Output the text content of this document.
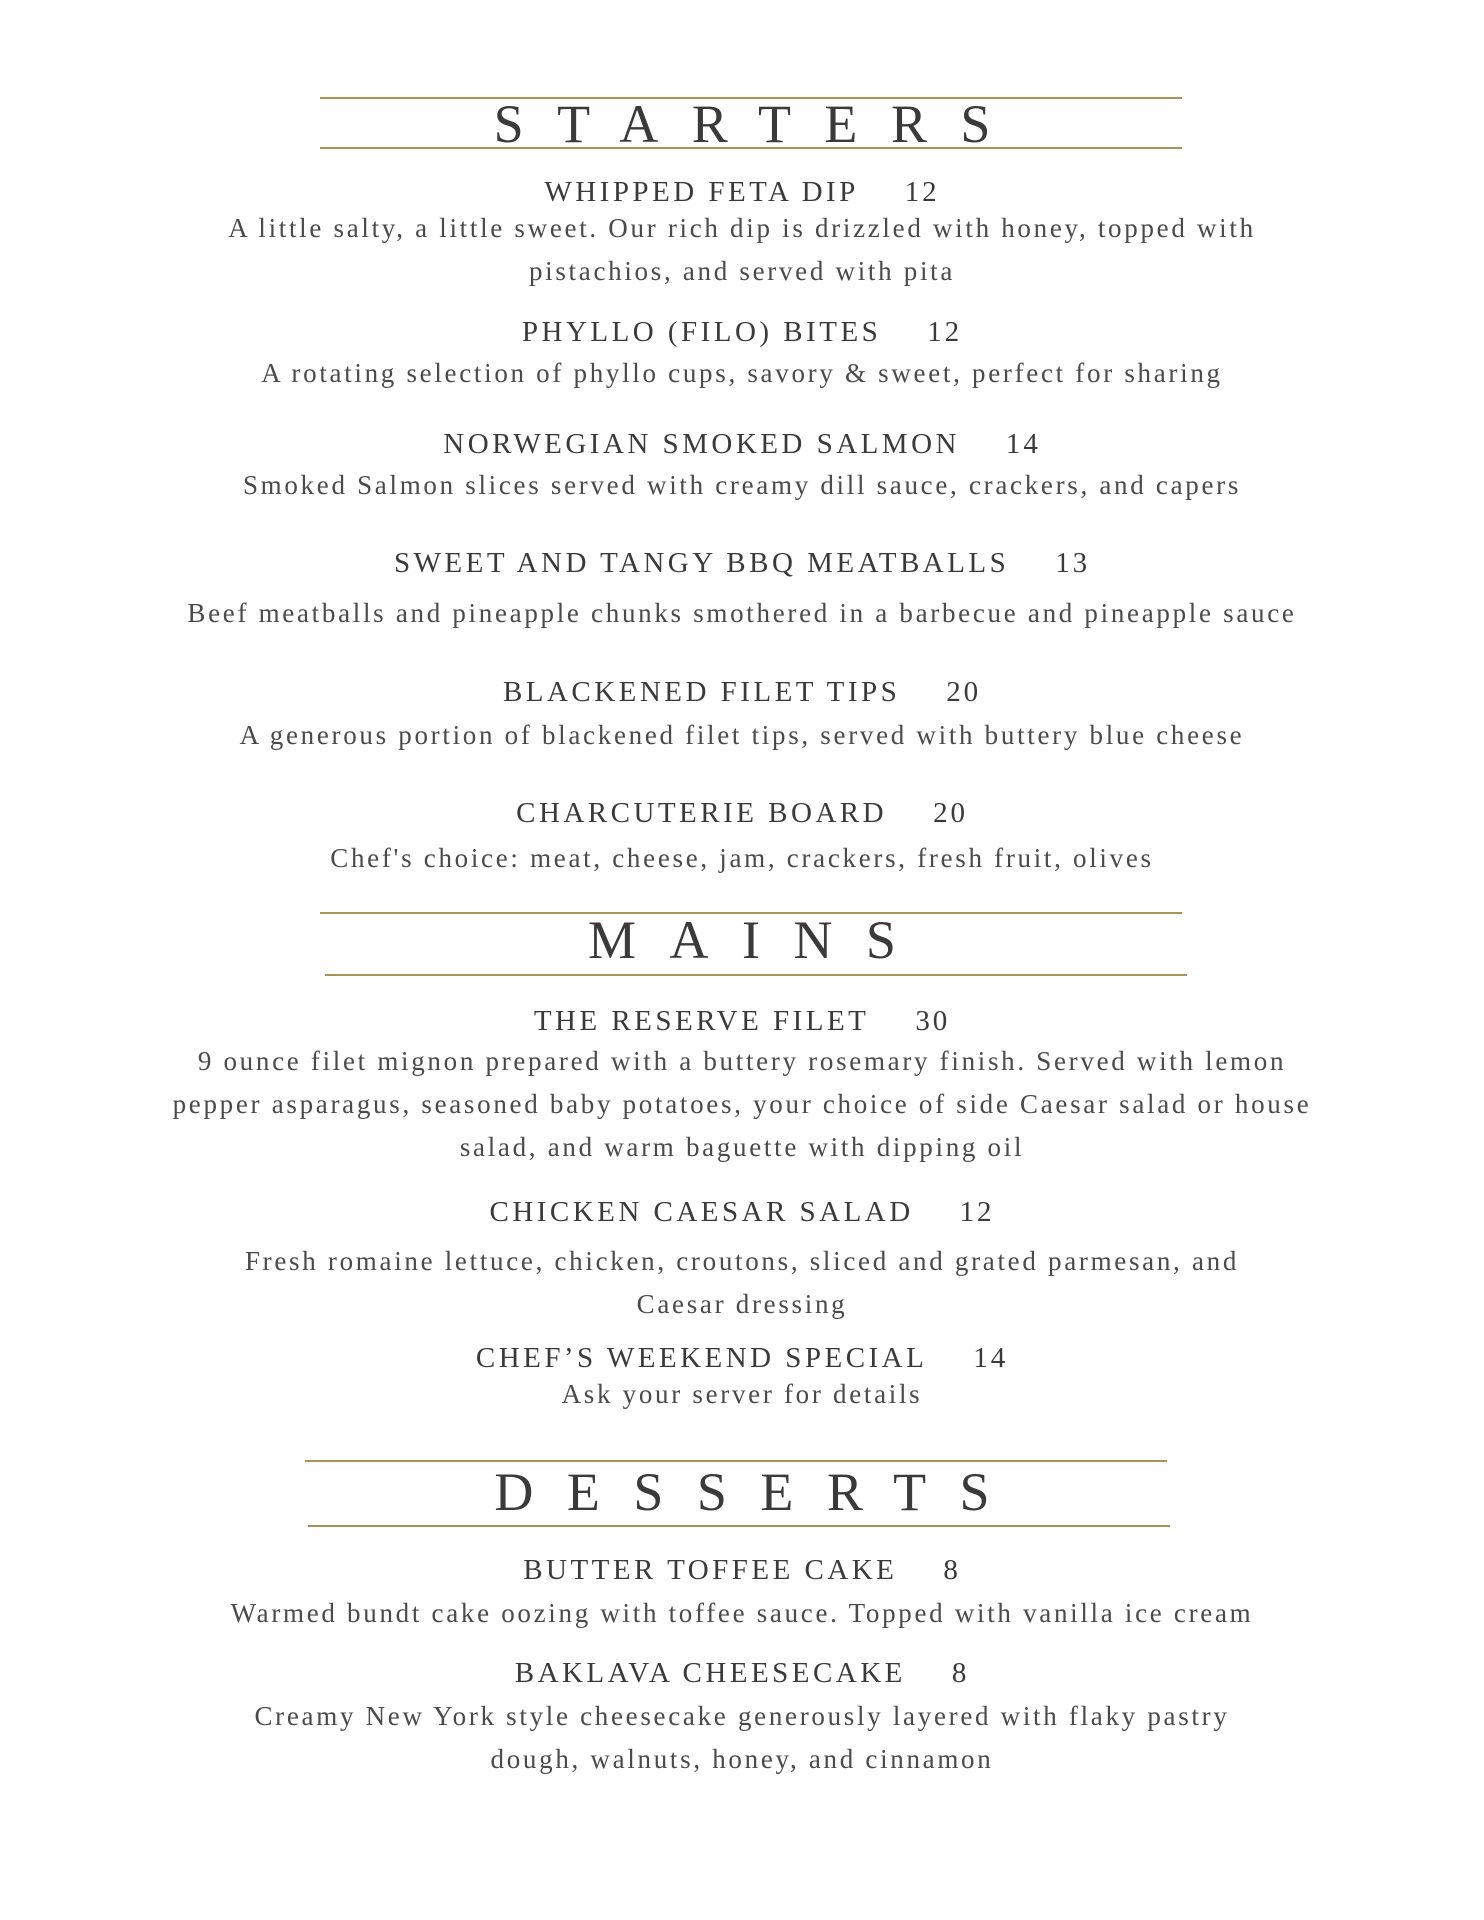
STARTERS
WHIPPED FETA DIP 12

A little salty, a little sweet. Our rich dip is drizzled with honey, topped with pistachios, and served with pita

PHYLLO (FILO) BITES 12

A rotating selection of phyllo cups, savory & sweet, perfect for sharing

NORWEGIAN SMOKED SALMON 14

Smoked Salmon slices served with creamy dill sauce, crackers, and capers

SWEET AND TANGY BBQ MEATBALLS 13

Beef meatballs and pineapple chunks smothered in a barbecue and pineapple sauce

BLACKENED FILET TIPS 20

A generous portion of blackened filet tips, served with buttery blue cheese

CHARCUTERIE BOARD 20

Chef's choice: meat, cheese, jam, crackers, fresh fruit, olives

MAINS
THE RESERVE FILET 30

9 ounce filet mignon prepared with a buttery rosemary finish. Served with lemon pepper asparagus, seasoned baby potatoes, your choice of side Caesar salad or house salad, and warm baguette with dipping oil

CHICKEN CAESAR SALAD 12

Fresh romaine lettuce, chicken, croutons, sliced and grated parmesan, and Caesar dressing

CHEF’S WEEKEND SPECIAL 14

Ask your server for details

DESSERTS
BUTTER TOFFEE CAKE 8

Warmed bundt cake oozing with toffee sauce. Topped with vanilla ice cream

BAKLAVA CHEESECAKE 8

Creamy New York style cheesecake generously layered with flaky pastry dough, walnuts, honey, and cinnamon
